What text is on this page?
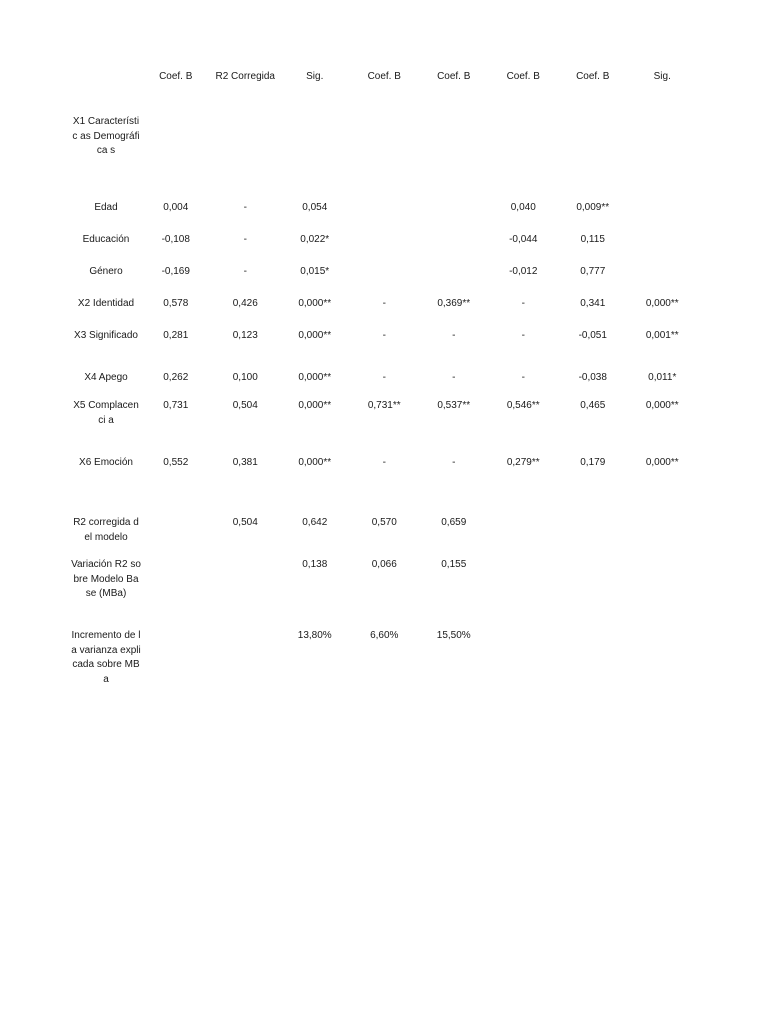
	Coef. B	R2 Corregida	Sig.	Coef. B	Coef. B	Coef. B	Coef. B	Sig.
X1 Característic as Demográfica s								
Edad	0,004	-	0,054			0,040	0,009**	
Educación	-0,108	-	0,022*			-0,044	0,115	
Género	-0,169	-	0,015*			-0,012	0,777	
X2 Identidad	0,578	0,426	0,000**	-	0,369**	-	0,341	0,000**
X3 Significado	0,281	0,123	0,000**	-	-	-	-0,051	0,001**
X4 Apego	0,262	0,100	0,000**	-	-	-	-0,038	0,011*
X5 Complacenci a	0,731	0,504	0,000**	0,731**	0,537**	0,546**	0,465	0,000**
X6 Emoción	0,552	0,381	0,000**	-	-	0,279**	0,179	0,000**

R2 corregida del modelo		0,504	0,642	0,570	0,659			
Variación R2 sobre Modelo Base (MBa)			0,138	0,066	0,155			
Incremento de la varianza explicada sobre MBa			13,80%	6,60%	15,50%			
